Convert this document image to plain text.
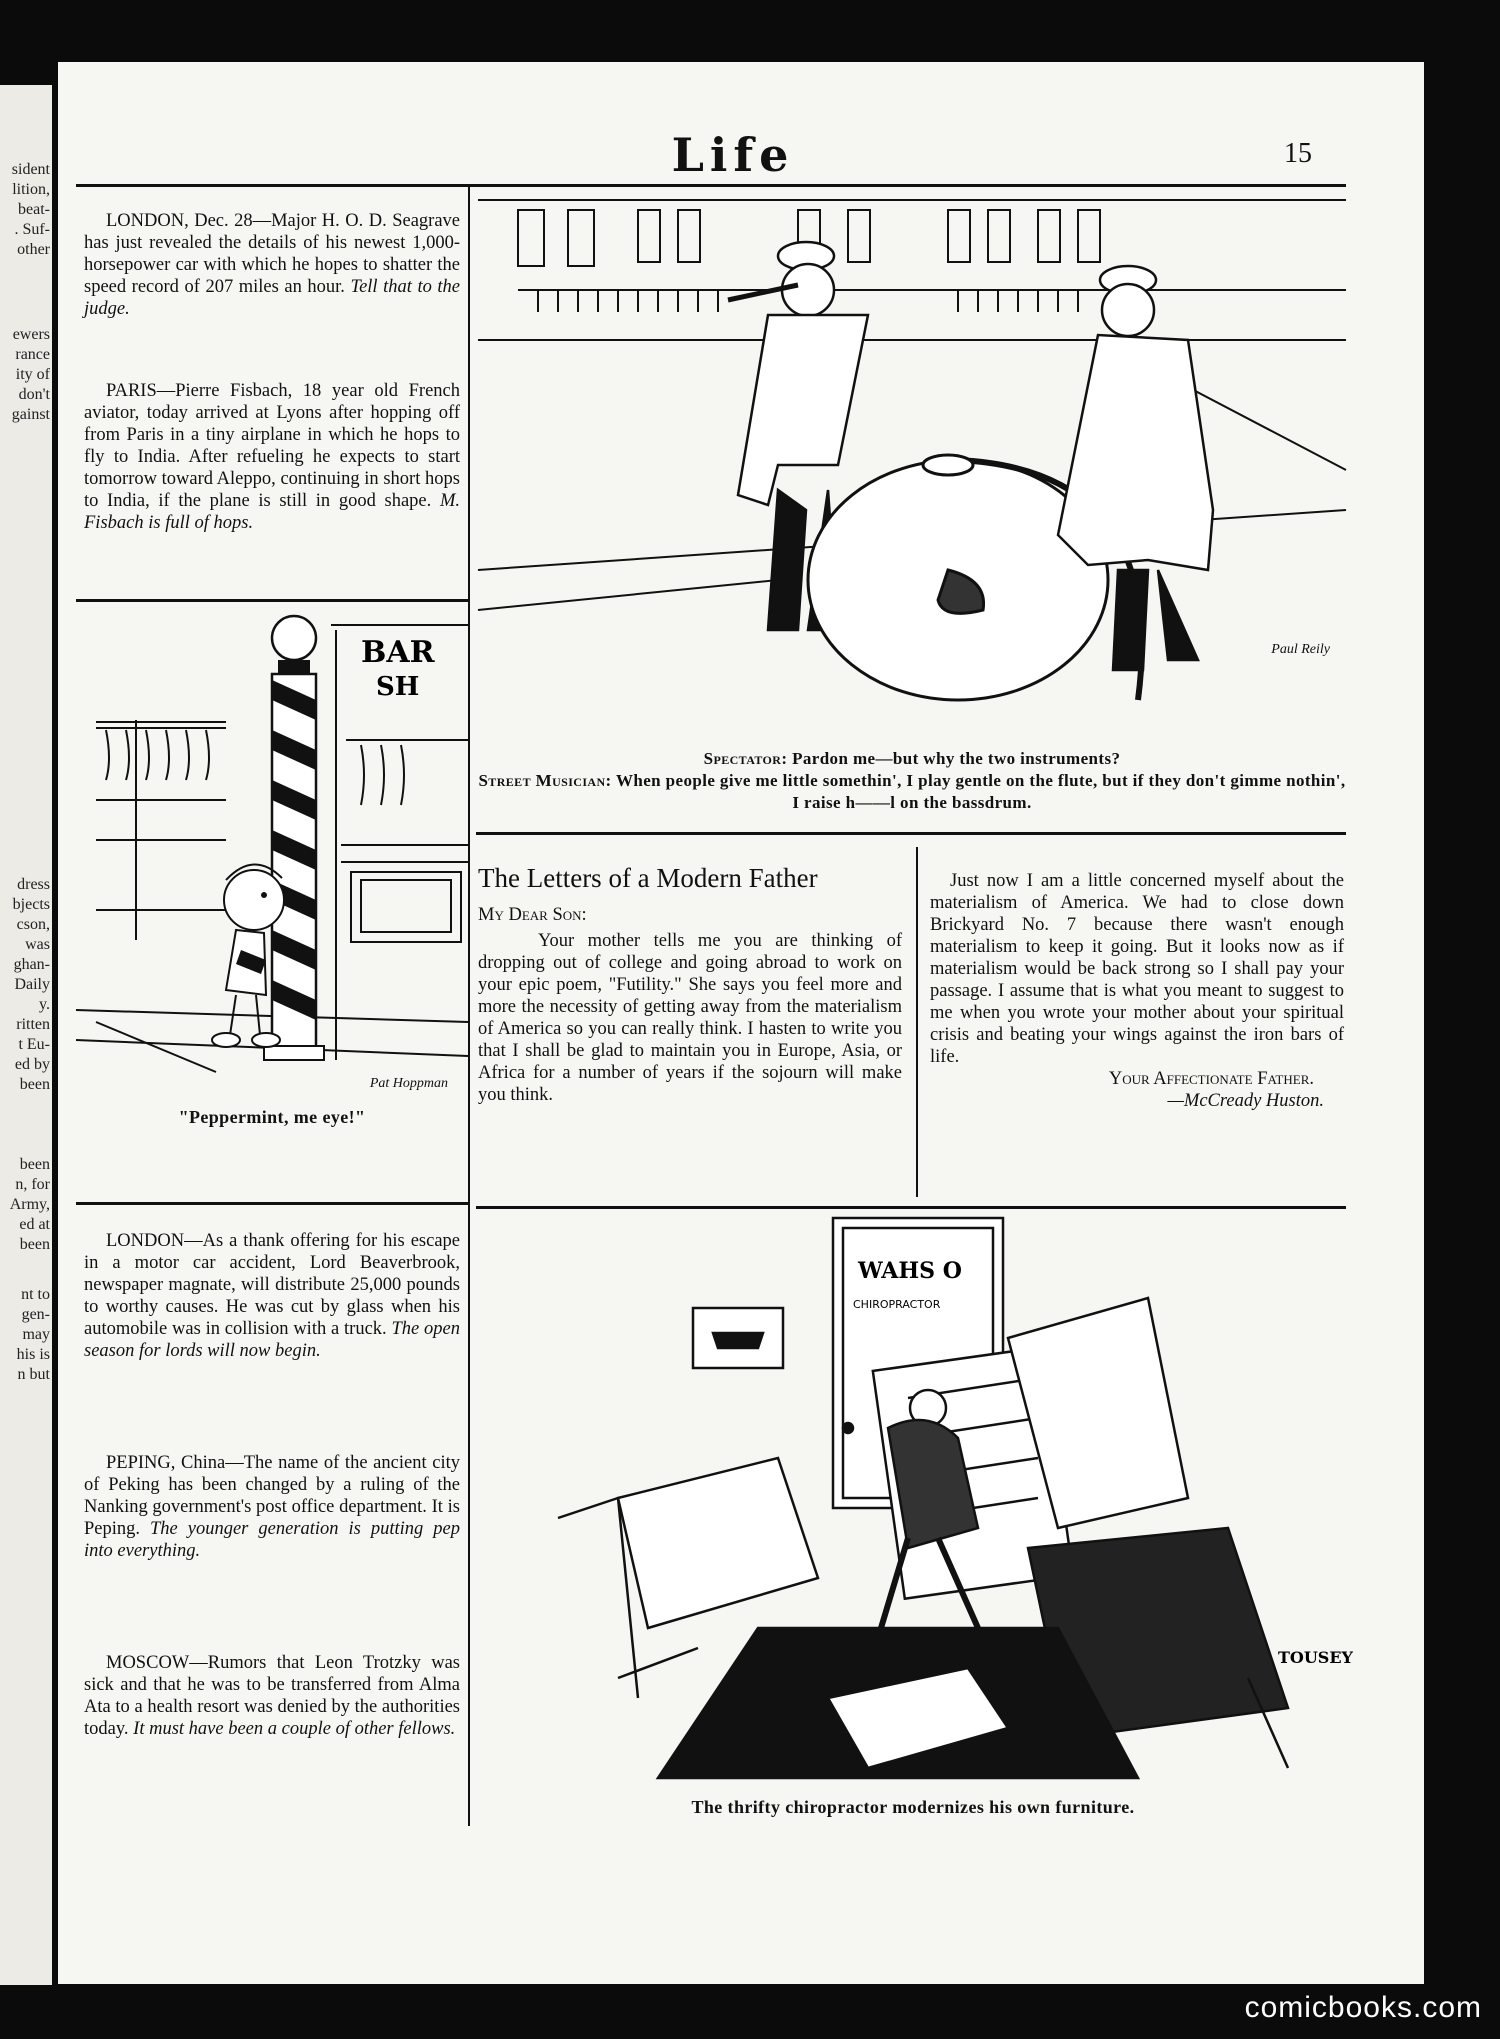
sident
lition,
beat-
. Suf-
other
ewers
rance
ity of
don't
gainst
dress
bjects
cson,
was
ghan-
Daily
y.
ritten
t Eu-
ed by
been
been
n, for
Army,
ed at
been
nt to
gen-
may
his is
n but
Life	15
LONDON, Dec. 28—Major H. O. D. Seagrave has just revealed the details of his newest 1,000-horsepower car with which he hopes to shatter the speed record of 207 miles an hour. Tell that to the judge.
PARIS—Pierre Fisbach, 18 year old French aviator, today arrived at Lyons after hopping off from Paris in a tiny airplane in which he hops to fly to India. After refueling he expects to start tomorrow toward Aleppo, continuing in short hops to India, if the plane is still in good shape. M. Fisbach is full of hops.
BAR
SH
Pat Hoppman
"Peppermint, me eye!"
LONDON—As a thank offering for his escape in a motor car accident, Lord Beaverbrook, newspaper magnate, will distribute 25,000 pounds to worthy causes. He was cut by glass when his automobile was in collision with a truck. The open season for lords will now begin.
PEPING, China—The name of the ancient city of Peking has been changed by a ruling of the Nanking government's post office department. It is Peping. The younger generation is putting pep into everything.
MOSCOW—Rumors that Leon Trotzky was sick and that he was to be transferred from Alma Ata to a health resort was denied by the authorities today. It must have been a couple of other fellows.
Paul Reily
Spectator: Pardon me—but why the two instruments?
Street Musician: When people give me little somethin', I play gentle on the flute, but if they don't gimme nothin', I raise h——l on the bassdrum.
The Letters of a Modern Father

My Dear Son:

Your mother tells me you are thinking of dropping out of college and going abroad to work on your epic poem, "Futility." She says you feel more and more the necessity of getting away from the materialism of America so you can really think. I hasten to write you that I shall be glad to maintain you in Europe, Asia, or Africa for a number of years if the sojourn will make you think.

Just now I am a little concerned myself about the materialism of America. We had to close down Brickyard No. 7 because there wasn't enough materialism to keep it going. But it looks now as if materialism would be back strong so I shall pay your passage. I assume that is what you meant to suggest to me when you wrote your mother about your spiritual crisis and beating your wings against the iron bars of life.

Your Affectionate Father.

—McCready Huston.

WAHS O
CHIROPRACTOR
TOUSEY
The thrifty chiropractor modernizes his own furniture.
comicbooks.com
